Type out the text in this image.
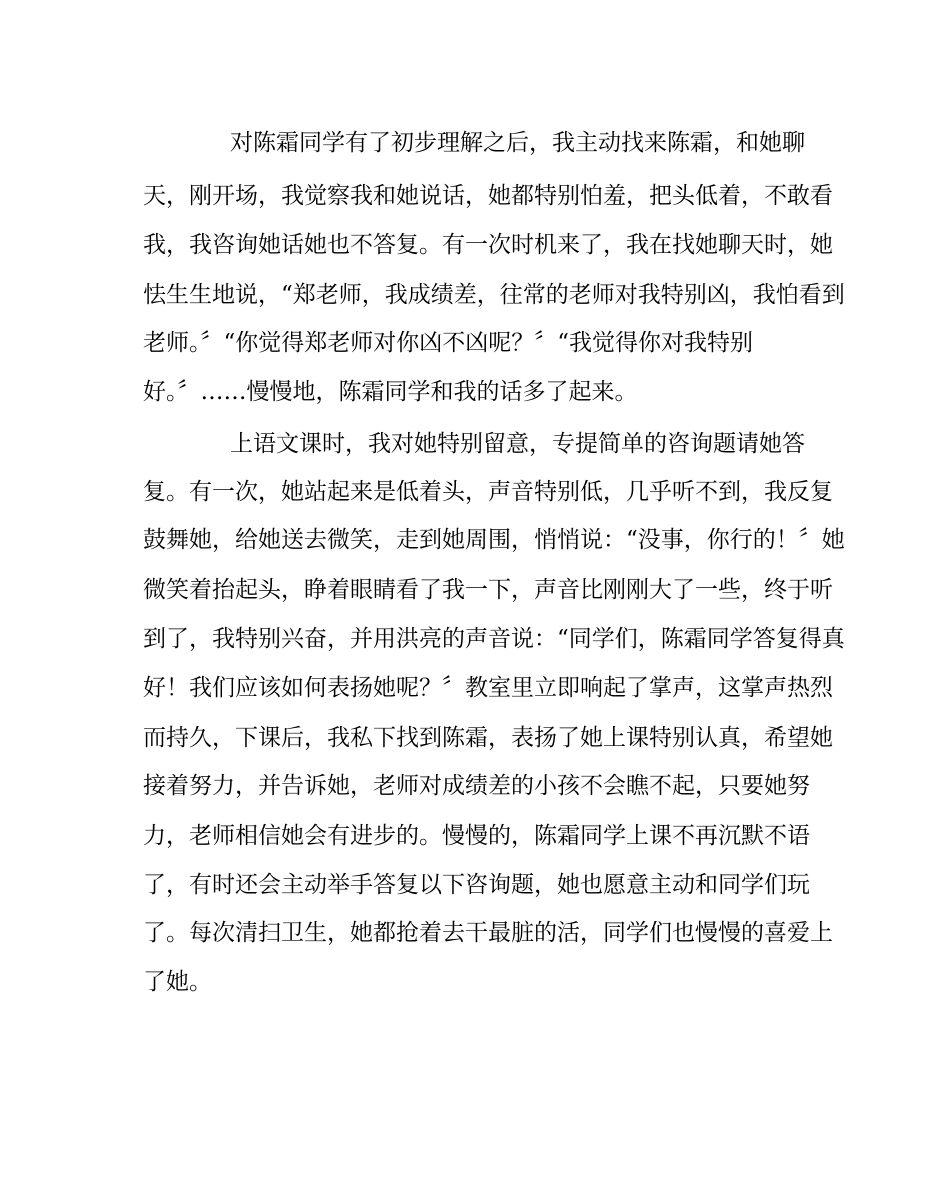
对陈霜同学有了初步理解之后，我主动找来陈霜，和她聊
天，刚开场，我觉察我和她说话，她都特别怕羞，把头低着，不敢看
我，我咨询她话她也不答复。有一次时机来了，我在找她聊天时，她
怯生生地说，“郑老师，我成绩差，往常的老师对我特别凶，我怕看到
老师。〞“你觉得郑老师对你凶不凶呢？〞“我觉得你对我特别
好。〞……慢慢地，陈霜同学和我的话多了起来。
上语文课时，我对她特别留意，专提简单的咨询题请她答
复。有一次，她站起来是低着头，声音特别低，几乎听不到，我反复
鼓舞她，给她送去微笑，走到她周围，悄悄说：“没事，你行的！〞她
微笑着抬起头，睁着眼睛看了我一下，声音比刚刚大了一些，终于听
到了，我特别兴奋，并用洪亮的声音说：“同学们，陈霜同学答复得真
好！我们应该如何表扬她呢？〞教室里立即响起了掌声，这掌声热烈
而持久，下课后，我私下找到陈霜，表扬了她上课特别认真，希望她
接着努力，并告诉她，老师对成绩差的小孩不会瞧不起，只要她努
力，老师相信她会有进步的。慢慢的，陈霜同学上课不再沉默不语
了，有时还会主动举手答复以下咨询题，她也愿意主动和同学们玩
了。每次清扫卫生，她都抢着去干最脏的活，同学们也慢慢的喜爱上
了她。
